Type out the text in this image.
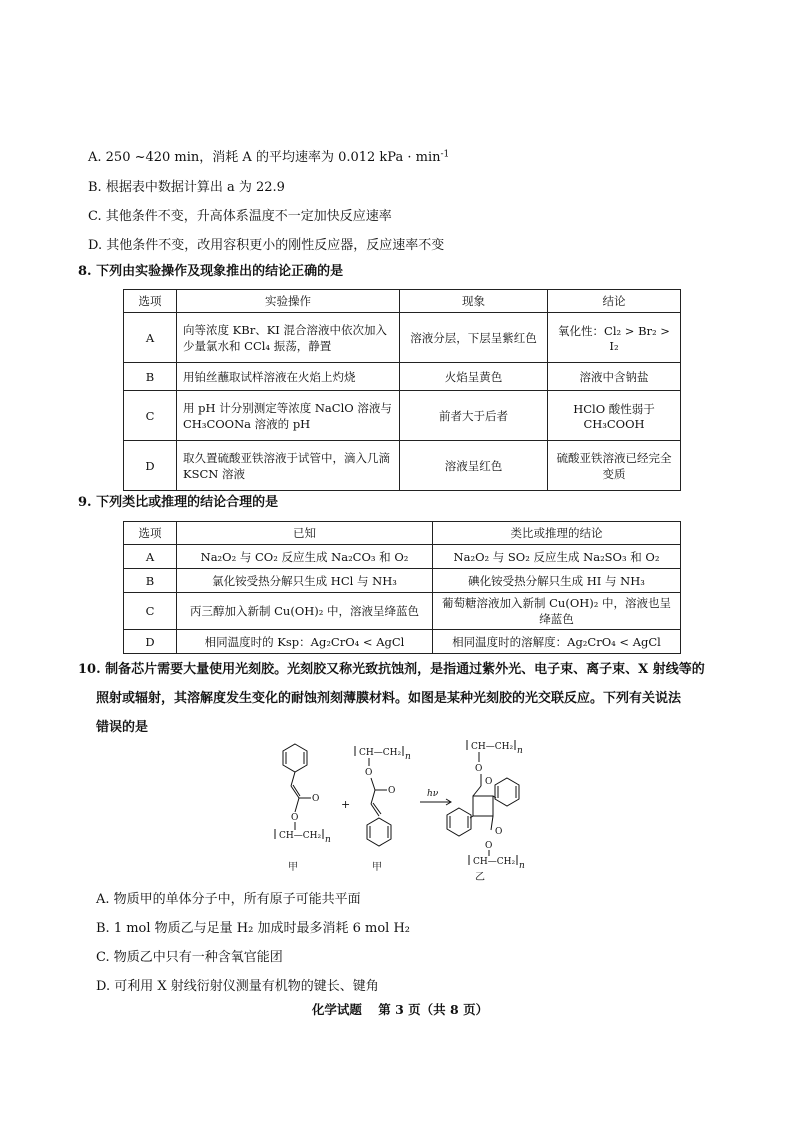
A. 250 ~420 min，消耗 A 的平均速率为 0.012 kPa · $\min^{-1}$
B. 根据表中数据计算出 a 为 22.9
C. 其他条件不变，升高体系温度不一定加快反应速率
D. 其他条件不变，改用容积更小的刚性反应器，反应速率不变
8. 下列由实验操作及现象推出的结论正确的是
选项	实验操作	现象	结论
A	向等浓度 KBr、KI 混合溶液中依次加入少量氯水和 CCl₄ 振荡，静置	溶液分层，下层呈紫红色	氧化性：Cl₂ > Br₂ > I₂
B	用铂丝蘸取试样溶液在火焰上灼烧	火焰呈黄色	溶液中含钠盐
C	用 pH 计分别测定等浓度 NaClO 溶液与 CH₃COONa 溶液的 pH	前者大于后者	HClO 酸性弱于 CH₃COOH
D	取久置硫酸亚铁溶液于试管中，滴入几滴 KSCN 溶液	溶液呈红色	硫酸亚铁溶液已经完全变质
9. 下列类比或推理的结论合理的是
选项	已知	类比或推理的结论
A	Na₂O₂ 与 CO₂ 反应生成 Na₂CO₃ 和 O₂	Na₂O₂ 与 SO₂ 反应生成 Na₂SO₃ 和 O₂
B	氯化铵受热分解只生成 HCl 与 NH₃	碘化铵受热分解只生成 HI 与 NH₃
C	丙三醇加入新制 Cu(OH)₂ 中，溶液呈绛蓝色	葡萄糖溶液加入新制 Cu(OH)₂ 中，溶液也呈绛蓝色
D	相同温度时的 Ksp：Ag₂CrO₄ < AgCl	相同温度时的溶解度：Ag₂CrO₄ < AgCl
10. 制备芯片需要大量使用光刻胶。光刻胶又称光致抗蚀剂，是指通过紫外光、电子束、离子束、X 射线等的
照射或辐射，其溶解度发生变化的耐蚀剂刻薄膜材料。如图是某种光刻胶的光交联反应。下列有关说法
错误的是
O
O
CH—CH₂ n
甲
+
CH—CH₂ n
O
O
甲
hν
CH—CH₂ n
O
O
O
O
CH—CH₂ n
乙
A. 物质甲的单体分子中，所有原子可能共平面
B. 1 mol 物质乙与足量 H₂ 加成时最多消耗 6 mol H₂
C. 物质乙中只有一种含氧官能团
D. 可利用 X 射线衍射仪测量有机物的键长、键角
化学试题 第 3 页（共 8 页）
